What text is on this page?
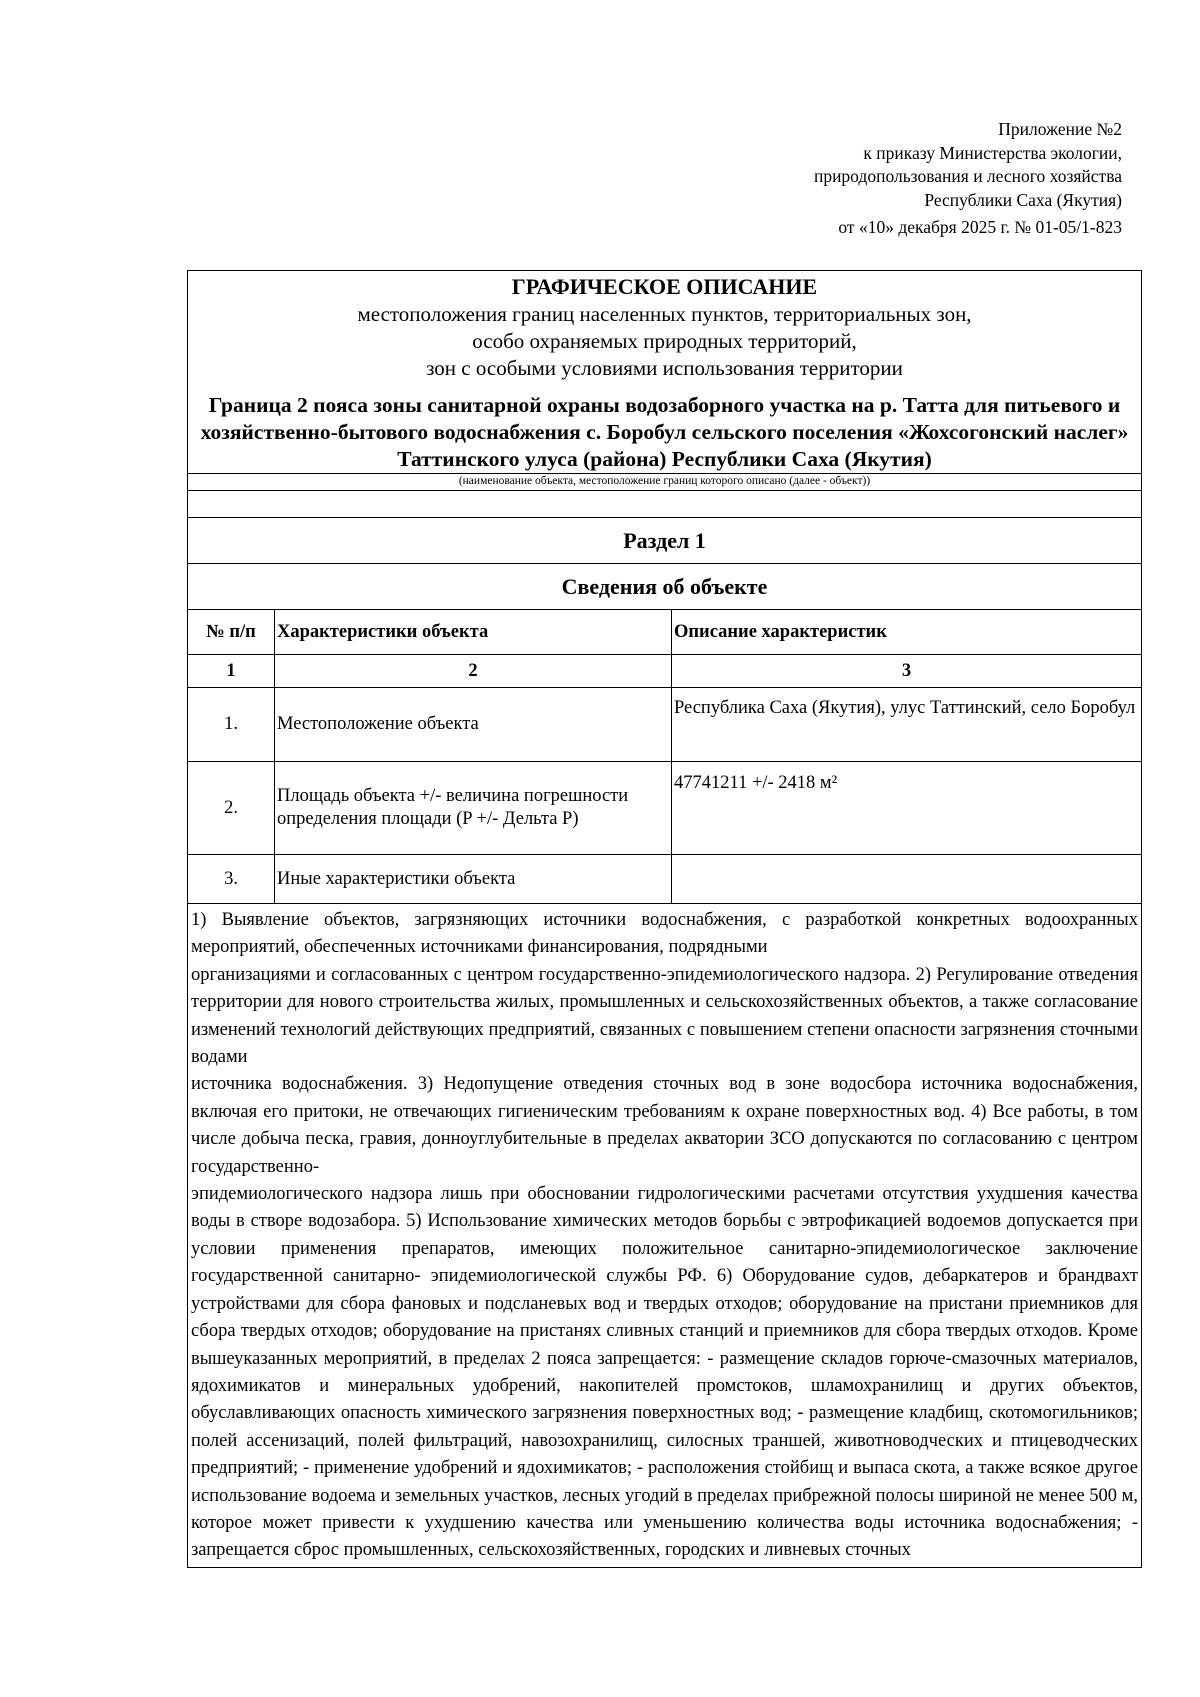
Приложение №2
к приказу Министерства экологии,
природопользования и лесного хозяйства
Республики Саха (Якутия)
от «10» декабря 2025 г. № 01-05/1-823
ГРАФИЧЕСКОЕ ОПИСАНИЕ
местоположения границ населенных пунктов, территориальных зон,
особо охраняемых природных территорий,
зон с особыми условиями использования территории
Граница 2 пояса зоны санитарной охраны водозаборного участка на р. Татта для питьевого и хозяйственно-бытового водоснабжения с. Боробул сельского поселения «Жохсогонский наслег» Таттинского улуса (района) Республики Саха (Якутия)
(наименование объекта, местоположение границ которого описано (далее - объект))
Раздел 1
Сведения об объекте
№ п/п	Характеристики объекта	Описание характеристик
1	2	3
1.	Местоположение объекта	Республика Саха (Якутия), улус Таттинский, село Боробул
2.	Площадь объекта +/- величина погрешности определения площади (P +/- Дельта P)	47741211 +/- 2418 м²
3.	Иные характеристики объекта	
1) Выявление объектов, загрязняющих источники водоснабжения, с разработкой конкретных водоохранных мероприятий, обеспеченных источниками финансирования, подрядными
организациями и согласованных с центром государственно-эпидемиологического надзора. 2) Регулирование отведения территории для нового строительства жилых, промышленных и сельскохозяйственных объектов, а также согласование изменений технологий действующих предприятий, связанных с повышением степени опасности загрязнения сточными водами
источника водоснабжения. 3) Недопущение отведения сточных вод в зоне водосбора источника водоснабжения, включая его притоки, не отвечающих гигиеническим требованиям к охране поверхностных вод. 4) Все работы, в том числе добыча песка, гравия, донноуглубительные в пределах акватории ЗСО допускаются по согласованию с центром государственно-
эпидемиологического надзора лишь при обосновании гидрологическими расчетами отсутствия ухудшения качества воды в створе водозабора. 5) Использование химических методов борьбы с эвтрофикацией водоемов допускается при условии применения препаратов, имеющих положительное санитарно-эпидемиологическое заключение государственной санитарно- эпидемиологической службы РФ. 6) Оборудование судов, дебаркатеров и брандвахт устройствами для сбора фановых и подсланевых вод и твердых отходов; оборудование на пристани приемников для сбора твердых отходов; оборудование на пристанях сливных станций и приемников для сбора твердых отходов. Кроме вышеуказанных мероприятий, в пределах 2 пояса запрещается: - размещение складов горюче-смазочных материалов, ядохимикатов и минеральных удобрений, накопителей промстоков, шламохранилищ и других объектов, обуславливающих опасность химического загрязнения поверхностных вод; - размещение кладбищ, скотомогильников; полей ассенизаций, полей фильтраций, навозохранилищ, силосных траншей, животноводческих и птицеводческих предприятий; - применение удобрений и ядохимикатов; - расположения стойбищ и выпаса скота, а также всякое другое использование водоема и земельных участков, лесных угодий в пределах прибрежной полосы шириной не менее 500 м, которое может привести к ухудшению качества или уменьшению количества воды источника водоснабжения; - запрещается сброс промышленных, сельскохозяйственных, городских и ливневых сточных
